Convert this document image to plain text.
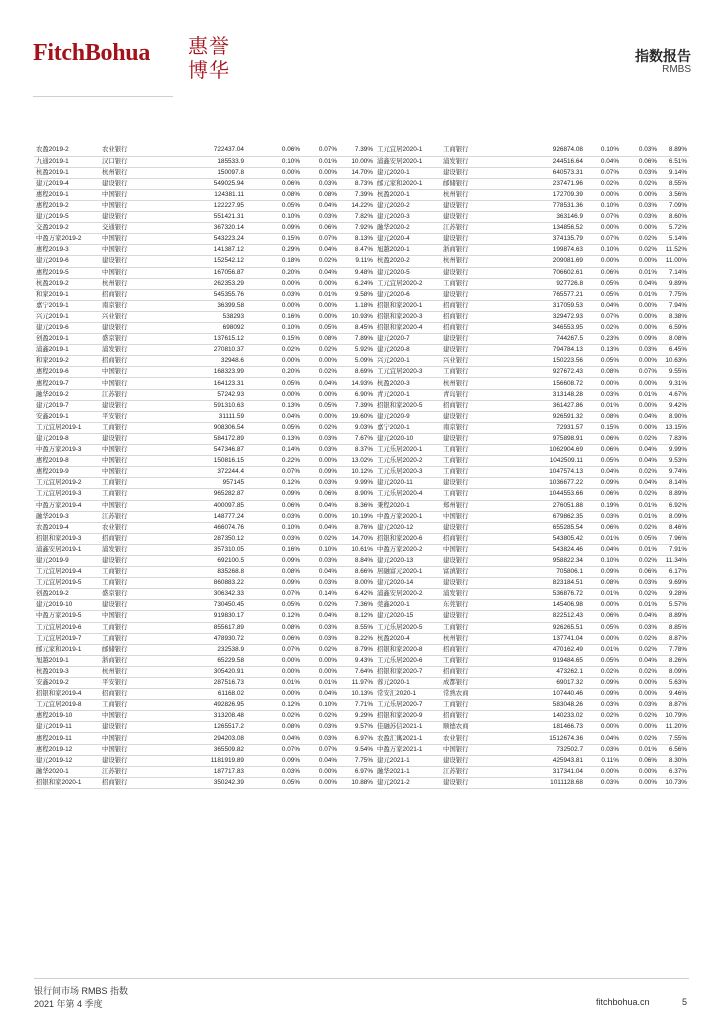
FitchBohua 惠誉博华
指数报告
RMBS
农盈2019-2	农业银行	722437.04	0.06%	0.07%	7.39%	工元宜居2020-1	工商银行	926874.08	0.10%	0.03%	8.89%
九通2019-1	汉口银行	185533.9	0.10%	0.01%	10.00%	浦鑫安居2020-1	浦发银行	244516.64	0.04%	0.06%	6.51%
杭盈2019-1	杭州银行	150097.8	0.00%	0.00%	14.70%	建元2020-1	建设银行	640573.31	0.07%	0.03%	9.14%
建元2019-4	建设银行	549025.94	0.06%	0.03%	8.73%	邮元家和2020-1	邮储银行	237471.96	0.02%	0.02%	8.55%
惠程2019-1	中国银行	124381.11	0.08%	0.08%	7.39%	杭盈2020-1	杭州银行	172709.39	0.00%	0.00%	3.56%
惠程2019-2	中国银行	122227.95	0.05%	0.04%	14.22%	建元2020-2	建设银行	778531.36	0.10%	0.03%	7.09%
建元2019-5	建设银行	551421.31	0.10%	0.03%	7.82%	建元2020-3	建设银行	363146.9	0.07%	0.03%	8.60%
交盈2019-2	交通银行	367320.14	0.09%	0.06%	7.92%	融华2020-2	江苏银行	134856.52	0.00%	0.00%	5.72%
中盈万家2019-2	中国银行	543223.24	0.15%	0.07%	8.13%	建元2020-4	建设银行	374135.79	0.07%	0.02%	5.14%
惠程2019-3	中国银行	141387.12	0.29%	0.04%	8.47%	旭越2020-1	浙商银行	199874.63	0.10%	0.02%	11.52%
建元2019-6	建设银行	152542.12	0.18%	0.02%	9.11%	杭盈2020-2	杭州银行	209081.69	0.00%	0.00%	11.00%
惠程2019-5	中国银行	167056.87	0.20%	0.04%	9.48%	建元2020-5	建设银行	706602.61	0.06%	0.01%	7.14%
杭盈2019-2	杭州银行	262353.29	0.00%	0.00%	6.24%	工元宜居2020-2	工商银行	927726.8	0.05%	0.04%	9.89%
和家2019-1	招商银行	545355.76	0.03%	0.01%	9.58%	建元2020-6	建设银行	765577.21	0.05%	0.01%	7.75%
嘉宁2019-1	南京银行	36399.58	0.00%	0.00%	1.18%	招银和家2020-1	招商银行	317059.53	0.04%	0.00%	7.94%
兴元2019-1	兴业银行	538293	0.16%	0.00%	10.93%	招银和家2020-3	招商银行	329472.93	0.07%	0.00%	8.38%
建元2019-6	建设银行	698092	0.10%	0.05%	8.45%	招银和家2020-4	招商银行	346553.95	0.02%	0.00%	6.59%
创盈2019-1	盛京银行	137615.12	0.15%	0.08%	7.89%	建元2020-7	建设银行	744267.5	0.23%	0.09%	8.08%
浦鑫2019-1	浦发银行	270810.37	0.02%	0.02%	5.92%	建元2020-8	建设银行	794784.13	0.13%	0.03%	6.45%
和家2019-2	招商银行	32948.6	0.00%	0.00%	5.09%	兴元2020-1	兴业银行	150223.56	0.05%	0.00%	10.63%
惠程2019-6	中国银行	168323.99	0.20%	0.02%	8.69%	工元宜居2020-3	工商银行	927672.43	0.08%	0.07%	9.55%
惠程2019-7	中国银行	164123.31	0.05%	0.04%	14.93%	杭盈2020-3	杭州银行	156608.72	0.00%	0.00%	9.31%
融华2019-2	江苏银行	57242.93	0.00%	0.00%	6.90%	青元2020-1	青岛银行	313148.28	0.03%	0.01%	4.67%
建元2019-7	建设银行	591310.63	0.13%	0.05%	7.39%	招银和家2020-5	招商银行	361427.86	0.01%	0.00%	9.42%
安鑫2019-1	平安银行	31111.59	0.04%	0.00%	19.60%	建元2020-9	建设银行	926591.32	0.08%	0.04%	8.90%
工元宜居2019-1	工商银行	908306.54	0.05%	0.02%	9.03%	嘉宁2020-1	南京银行	72931.57	0.15%	0.00%	13.15%
建元2019-8	建设银行	584172.89	0.13%	0.03%	7.67%	建元2020-10	建设银行	975898.91	0.06%	0.02%	7.83%
中盈万家2019-3	中国银行	547346.87	0.14%	0.03%	8.37%	工元乐居2020-1	工商银行	1062904.69	0.06%	0.04%	9.99%
惠程2019-8	中国银行	150816.15	0.22%	0.00%	13.02%	工元乐居2020-2	工商银行	1042509.11	0.05%	0.04%	9.53%
惠程2019-9	中国银行	372244.4	0.07%	0.09%	10.12%	工元乐居2020-3	工商银行	1047574.13	0.04%	0.02%	9.74%
工元宜居2019-2	工商银行	957145	0.12%	0.03%	9.99%	建元2020-11	建设银行	1036677.22	0.09%	0.04%	8.14%
工元宜居2019-3	工商银行	965282.87	0.09%	0.06%	8.90%	工元乐居2020-4	工商银行	1044553.66	0.06%	0.02%	8.89%
中盈万家2019-4	中国银行	400097.85	0.06%	0.04%	8.36%	秉程2020-1	郑州银行	276051.88	0.19%	0.01%	6.92%
融华2019-3	江苏银行	148777.24	0.03%	0.00%	10.19%	中盈万家2020-1	中国银行	679862.35	0.03%	0.01%	8.09%
农盈2019-4	农业银行	466074.76	0.10%	0.04%	8.76%	建元2020-12	建设银行	655285.54	0.06%	0.02%	8.46%
招银和家2019-3	招商银行	287350.12	0.03%	0.02%	14.70%	招银和家2020-6	招商银行	543805.42	0.01%	0.05%	7.96%
浦鑫安居2019-1	浦发银行	357310.05	0.16%	0.10%	10.61%	中盈万家2020-2	中国银行	543824.46	0.04%	0.01%	7.91%
建元2019-9	建设银行	692100.5	0.09%	0.03%	8.84%	建元2020-13	建设银行	958822.34	0.10%	0.02%	11.34%
工元宜居2019-4	工商银行	835268.8	0.08%	0.04%	8.66%	居融富元2020-1	富滇银行	705806.1	0.09%	0.06%	6.17%
工元宜居2019-5	工商银行	860883.22	0.09%	0.03%	8.00%	建元2020-14	建设银行	823184.51	0.08%	0.03%	9.69%
创盈2019-2	盛京银行	306342.33	0.07%	0.14%	6.42%	浦鑫安居2020-2	浦发银行	536876.72	0.01%	0.02%	9.28%
建元2019-10	建设银行	730450.45	0.05%	0.02%	7.36%	莞鑫2020-1	东莞银行	145406.98	0.00%	0.01%	5.57%
中盈万家2019-5	中国银行	919830.17	0.12%	0.04%	8.12%	建元2020-15	建设银行	822512.43	0.06%	0.04%	8.89%
工元宜居2019-6	工商银行	855617.89	0.08%	0.03%	8.55%	工元乐居2020-5	工商银行	926265.51	0.05%	0.03%	8.85%
工元宜居2019-7	工商银行	478930.72	0.06%	0.03%	8.22%	杭盈2020-4	杭州银行	137741.04	0.00%	0.02%	8.87%
邮元家和2019-1	邮储银行	232538.9	0.07%	0.02%	8.79%	招银和家2020-8	招商银行	470162.49	0.01%	0.02%	7.78%
旭越2019-1	浙商银行	65229.58	0.00%	0.00%	9.43%	工元乐居2020-6	工商银行	919484.65	0.05%	0.04%	8.26%
杭盈2019-3	杭州银行	305420.91	0.00%	0.00%	7.64%	招银和家2020-7	招商银行	473262.1	0.02%	0.02%	8.09%
安鑫2019-2	平安银行	287516.73	0.01%	0.01%	11.97%	蓉元2020-1	成都银行	69017.32	0.09%	0.00%	5.63%
招银和家2019-4	招商银行	61168.02	0.00%	0.04%	10.13%	常安汇2020-1	常熟农商	107440.46	0.09%	0.00%	9.46%
工元宜居2019-8	工商银行	492826.95	0.12%	0.10%	7.71%	工元乐居2020-7	工商银行	583048.26	0.03%	0.03%	8.87%
惠程2019-10	中国银行	313208.48	0.02%	0.02%	9.29%	招银和家2020-9	招商银行	140233.02	0.02%	0.02%	10.79%
建元2019-11	建设银行	1265517.2	0.08%	0.03%	9.57%	佳融苏信2021-1	顺德农商	181466.73	0.00%	0.00%	11.20%
惠程2019-11	中国银行	294203.08	0.04%	0.03%	6.97%	农盈汇寓2021-1	农业银行	1512674.36	0.04%	0.02%	7.55%
惠程2019-12	中国银行	365509.82	0.07%	0.07%	9.54%	中盈万家2021-1	中国银行	732502.7	0.03%	0.01%	6.56%
建元2019-12	建设银行	1181919.89	0.09%	0.04%	7.75%	建元2021-1	建设银行	425943.81	0.11%	0.06%	8.30%
融华2020-1	江苏银行	187717.83	0.03%	0.00%	6.97%	融华2021-1	江苏银行	317341.04	0.00%	0.00%	6.37%
招银和家2020-1	招商银行	350242.39	0.05%	0.00%	10.88%	建元2021-2	建设银行	1011128.68	0.03%	0.00%	10.73%
银行间市场 RMBS 指数
2021 年第 4 季度	fitchbohua.cn	5
